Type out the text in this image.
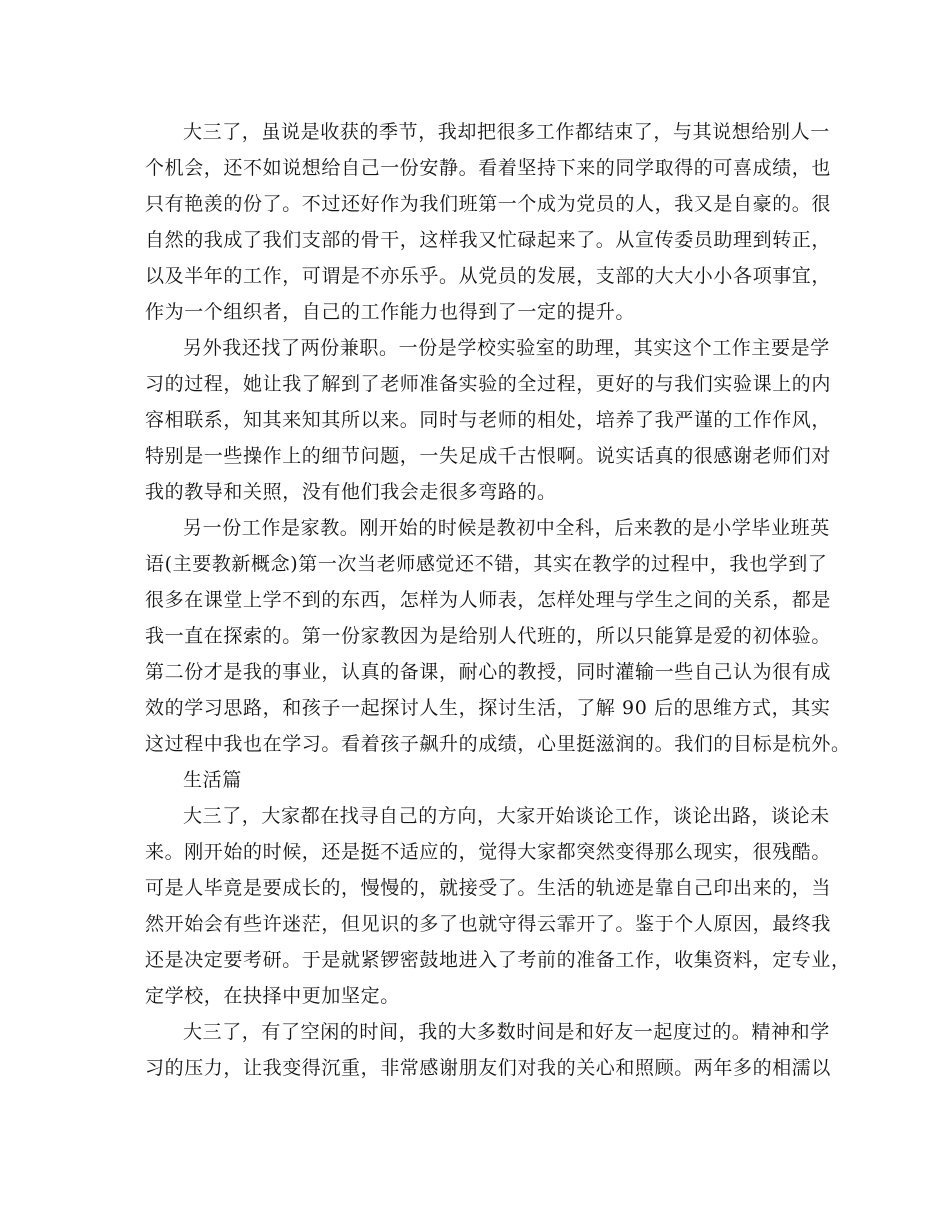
大三了，虽说是收获的季节，我却把很多工作都结束了，与其说想给别人一
个机会，还不如说想给自己一份安静。看着坚持下来的同学取得的可喜成绩，也
只有艳羡的份了。不过还好作为我们班第一个成为党员的人，我又是自豪的。很
自然的我成了我们支部的骨干，这样我又忙碌起来了。从宣传委员助理到转正，
以及半年的工作，可谓是不亦乐乎。从党员的发展，支部的大大小小各项事宜，
作为一个组织者，自己的工作能力也得到了一定的提升。
另外我还找了两份兼职。一份是学校实验室的助理，其实这个工作主要是学
习的过程，她让我了解到了老师准备实验的全过程，更好的与我们实验课上的内
容相联系，知其来知其所以来。同时与老师的相处，培养了我严谨的工作作风，
特别是一些操作上的细节问题，一失足成千古恨啊。说实话真的很感谢老师们对
我的教导和关照，没有他们我会走很多弯路的。
另一份工作是家教。刚开始的时候是教初中全科，后来教的是小学毕业班英
语(主要教新概念)第一次当老师感觉还不错，其实在教学的过程中，我也学到了
很多在课堂上学不到的东西，怎样为人师表，怎样处理与学生之间的关系，都是
我一直在探索的。第一份家教因为是给别人代班的，所以只能算是爱的初体验。
第二份才是我的事业，认真的备课，耐心的教授，同时灌输一些自己认为很有成
效的学习思路，和孩子一起探讨人生，探讨生活，了解 90 后的思维方式，其实
这过程中我也在学习。看着孩子飙升的成绩，心里挺滋润的。我们的目标是杭外。
生活篇
大三了，大家都在找寻自己的方向，大家开始谈论工作，谈论出路，谈论未
来。刚开始的时候，还是挺不适应的，觉得大家都突然变得那么现实，很残酷。
可是人毕竟是要成长的，慢慢的，就接受了。生活的轨迹是靠自己印出来的，当
然开始会有些许迷茫，但见识的多了也就守得云霏开了。鉴于个人原因，最终我
还是决定要考研。于是就紧锣密鼓地进入了考前的准备工作，收集资料，定专业，
定学校，在抉择中更加坚定。
大三了，有了空闲的时间，我的大多数时间是和好友一起度过的。精神和学
习的压力，让我变得沉重，非常感谢朋友们对我的关心和照顾。两年多的相濡以
